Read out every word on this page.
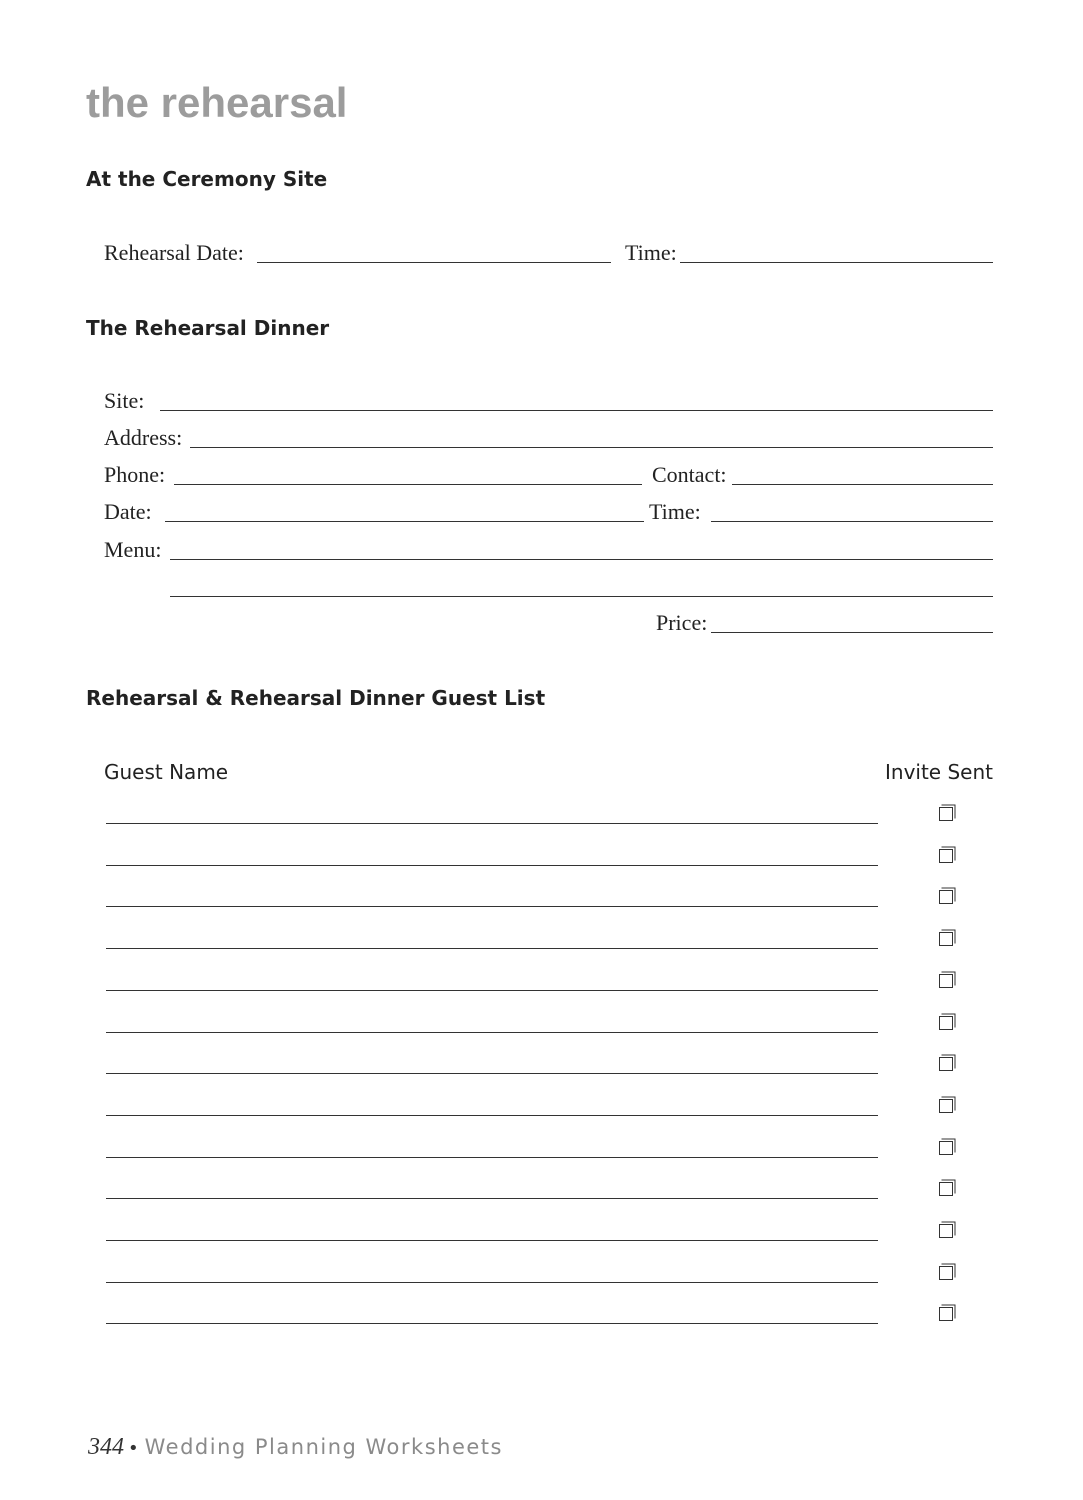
the rehearsal
At the Ceremony Site
Rehearsal Date:	Time:
The Rehearsal Dinner
Site:
Address:
Phone:	Contact:
Date:	Time:
Menu:
Price:
Rehearsal & Rehearsal Dinner Guest List
Guest Name	Invite Sent
344 • Wedding Planning Worksheets
